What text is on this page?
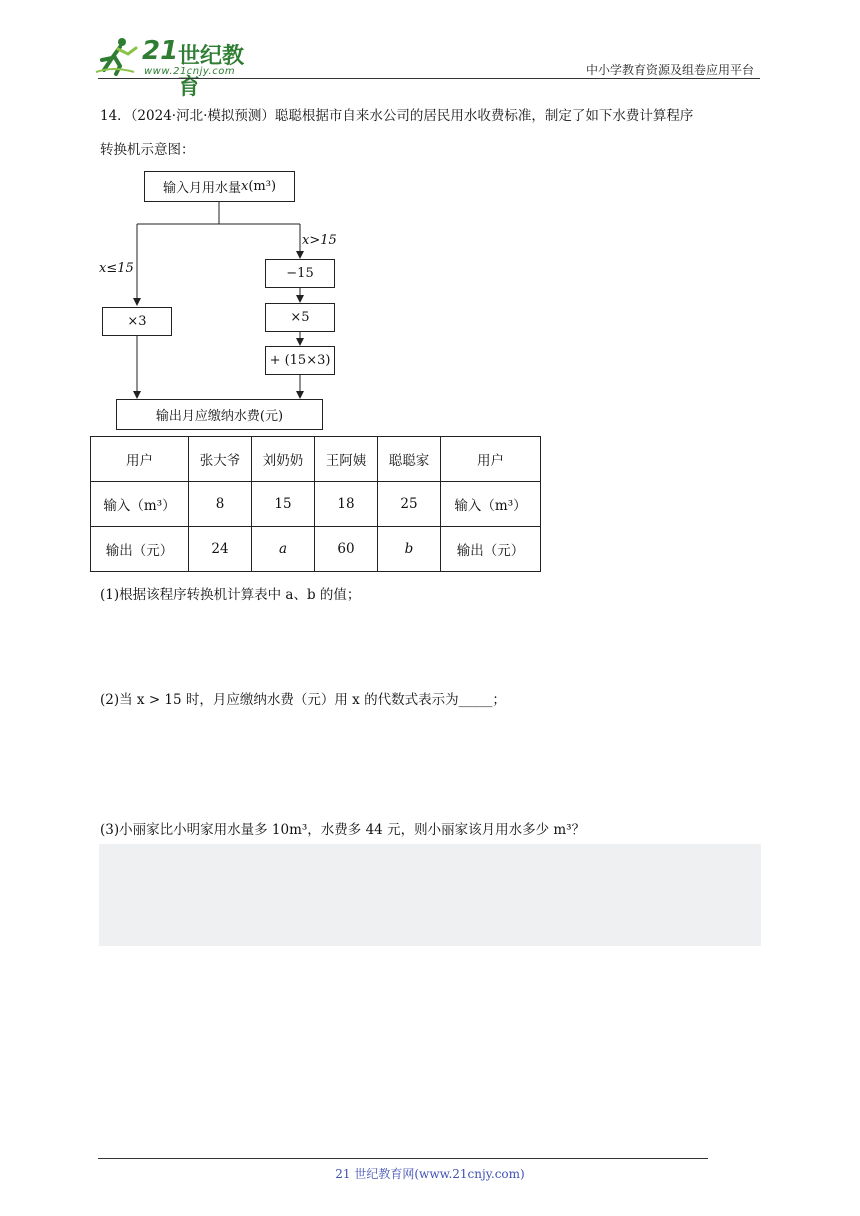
21 世纪教育
www.21cnjy.com	中小学教育资源及组卷应用平台
14．（2024·河北·模拟预测）聪聪根据市自来水公司的居民用水收费标准，制定了如下水费计算程序
转换机示意图：
输入月用水量 x (m³)
x≤15
x>15
−15
×5
+ (15×3)
×3
输出月应缴纳水费(元)
用户	张大爷	刘奶奶	王阿姨	聪聪家	用户
输入（m³）	8	15	18	25	输入（m³）
输出（元）	24	a	60	b	输出（元）
(1)根据该程序转换机计算表中 a、b 的值；
(2)当 x > 15 时，月应缴纳水费（元）用 x 的代数式表示为_____；
(3)小丽家比小明家用水量多 10m³，水费多 44 元，则小丽家该月用水多少 m³？
21 世纪教育网(www.21cnjy.com)
